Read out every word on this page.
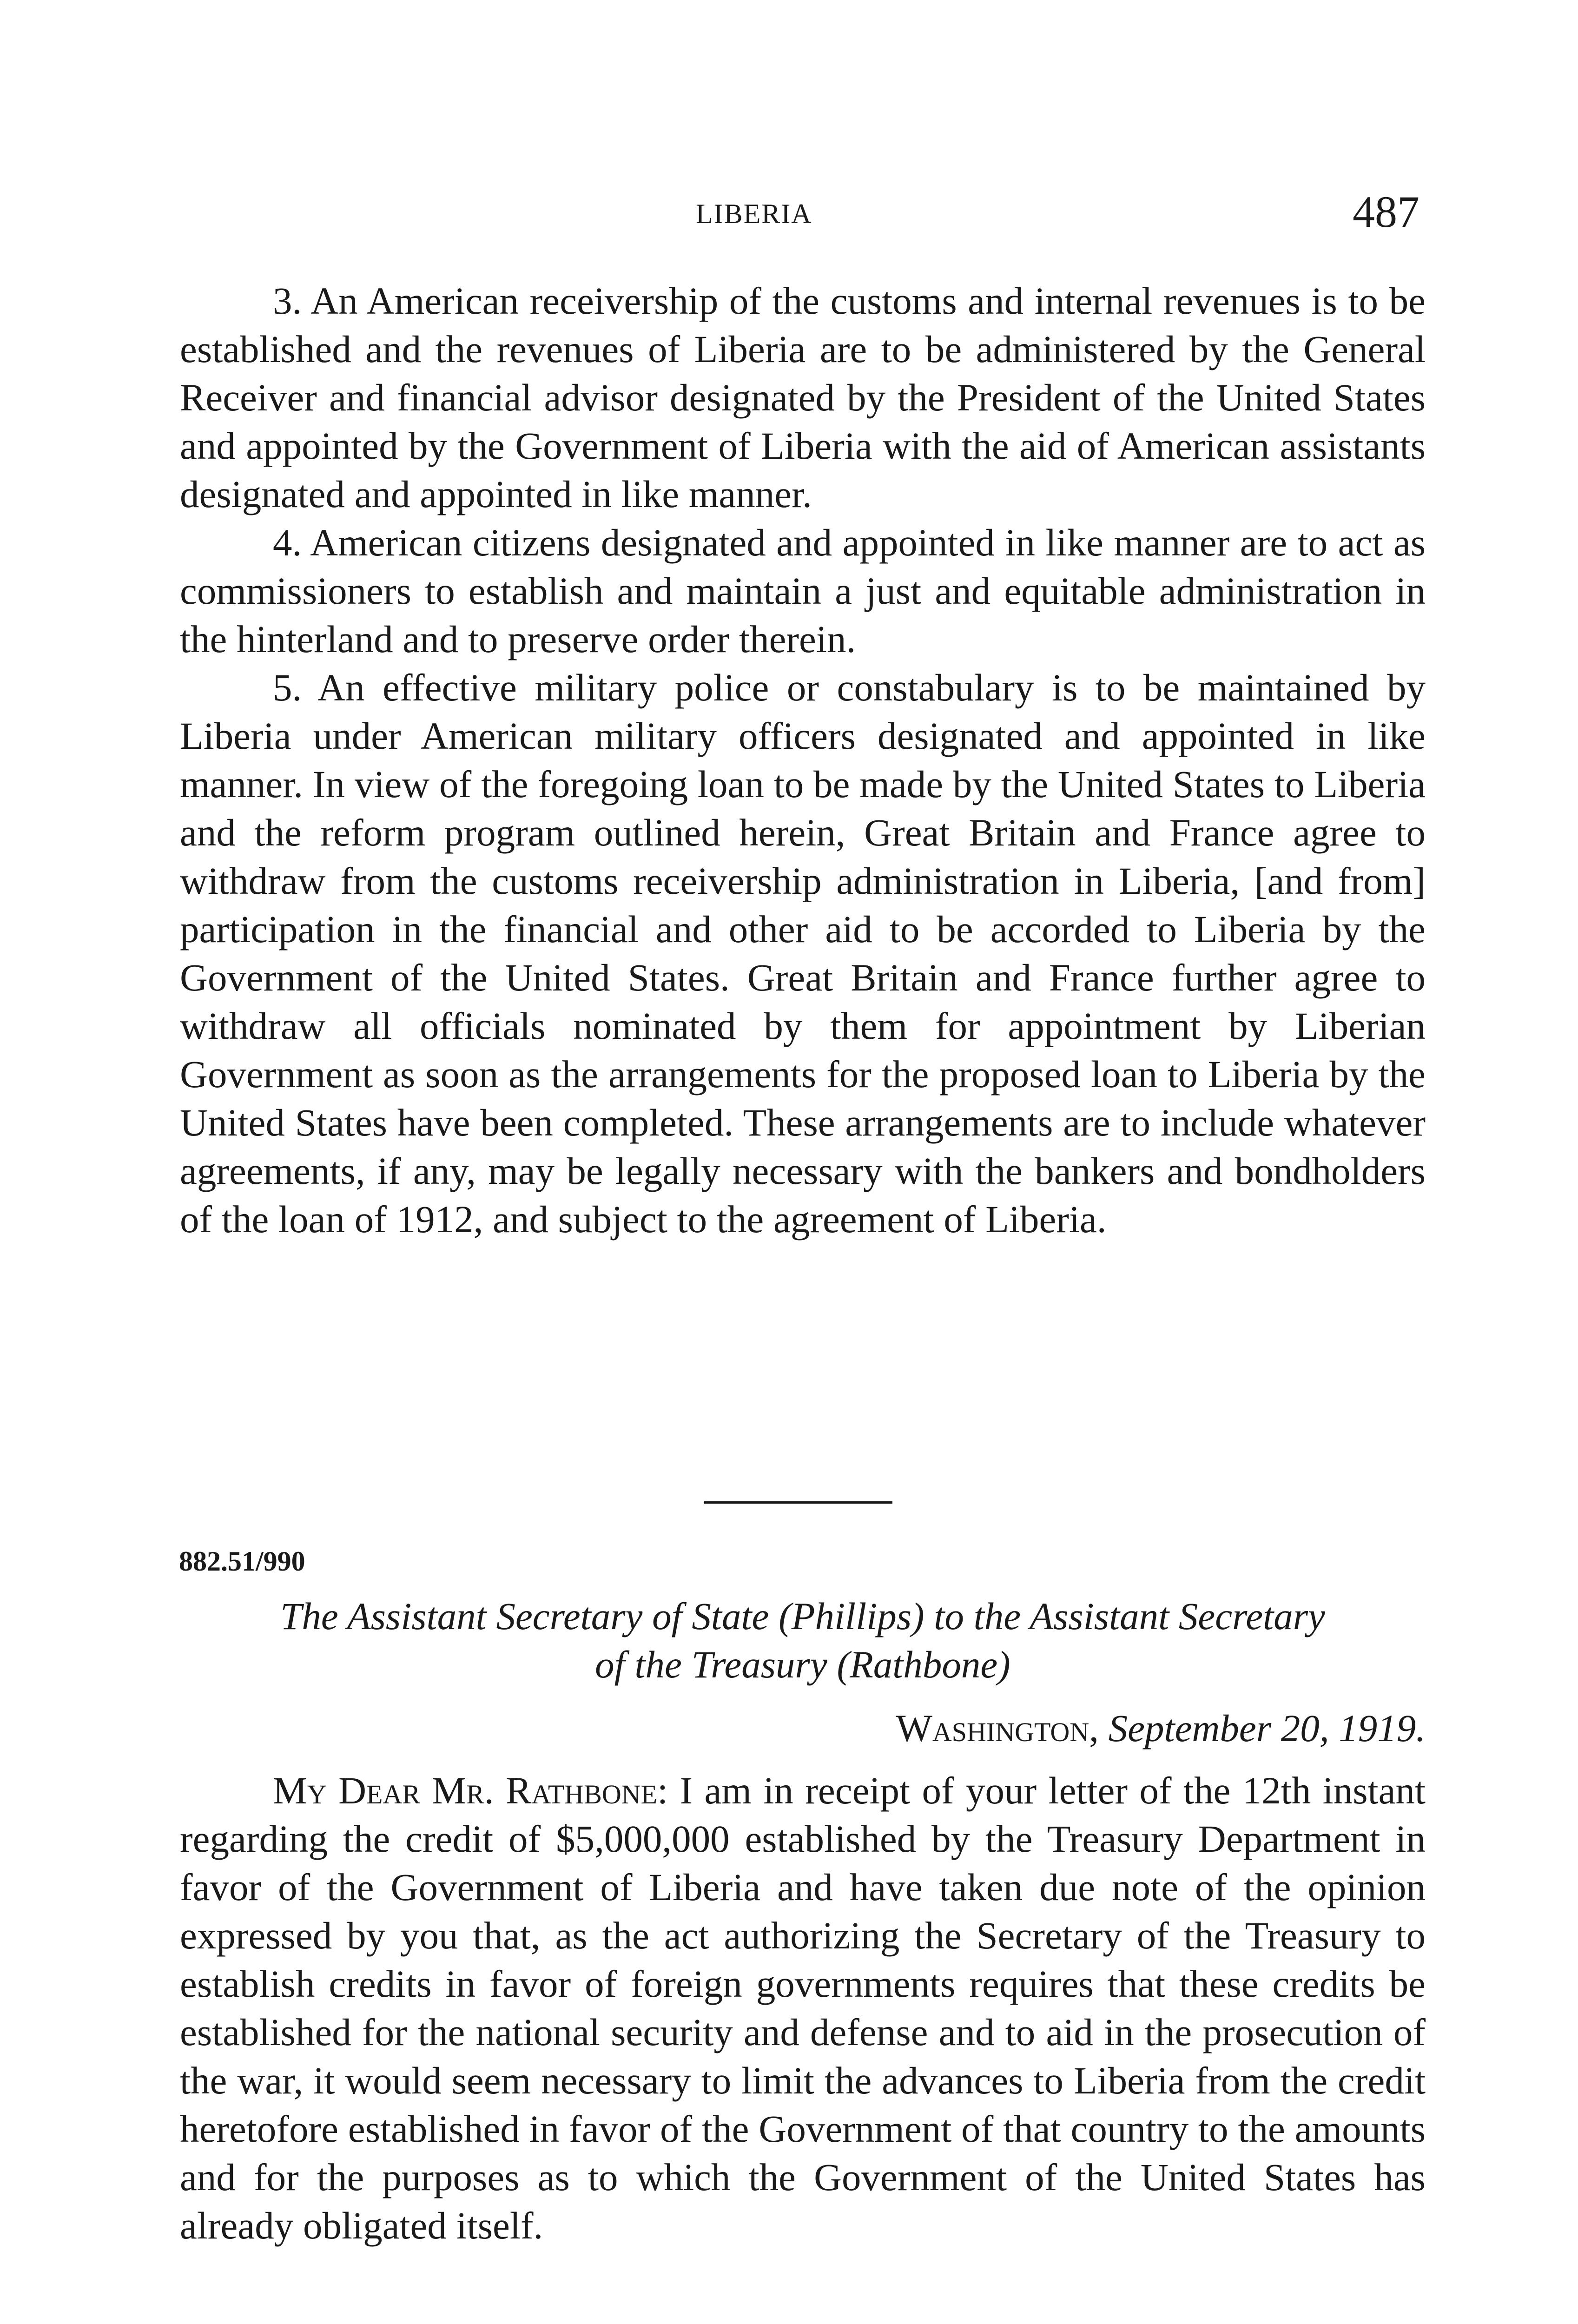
LIBERIA	487

3. An American receivership of the customs and internal revenues is to be established and the revenues of Liberia are to be administered by the General Receiver and financial advisor designated by the President of the United States and appointed by the Government of Liberia with the aid of American assistants designated and appointed in like manner.

4. American citizens designated and appointed in like manner are to act as commissioners to establish and maintain a just and equitable administration in the hinterland and to preserve order therein.

5. An effective military police or constabulary is to be maintained by Liberia under American military officers designated and appointed in like manner. In view of the foregoing loan to be made by the United States to Liberia and the reform program outlined herein, Great Britain and France agree to withdraw from the customs receivership administration in Liberia, [and from] participation in the financial and other aid to be accorded to Liberia by the Government of the United States. Great Britain and France further agree to withdraw all officials nominated by them for appointment by Liberian Government as soon as the arrangements for the proposed loan to Liberia by the United States have been completed. These arrangements are to include whatever agreements, if any, may be legally necessary with the bankers and bondholders of the loan of 1912, and subject to the agreement of Liberia.

882.51/990
The Assistant Secretary of State (Phillips) to the Assistant Secretary of the Treasury (Rathbone)
Washington, September 20, 1919.

My Dear Mr. Rathbone: I am in receipt of your letter of the 12th instant regarding the credit of $5,000,000 established by the Treasury Department in favor of the Government of Liberia and have taken due note of the opinion expressed by you that, as the act authorizing the Secretary of the Treasury to establish credits in favor of foreign governments requires that these credits be established for the national security and defense and to aid in the prosecution of the war, it would seem necessary to limit the advances to Liberia from the credit heretofore established in favor of the Government of that country to the amounts and for the purposes as to which the Government of the United States has already obligated itself.
